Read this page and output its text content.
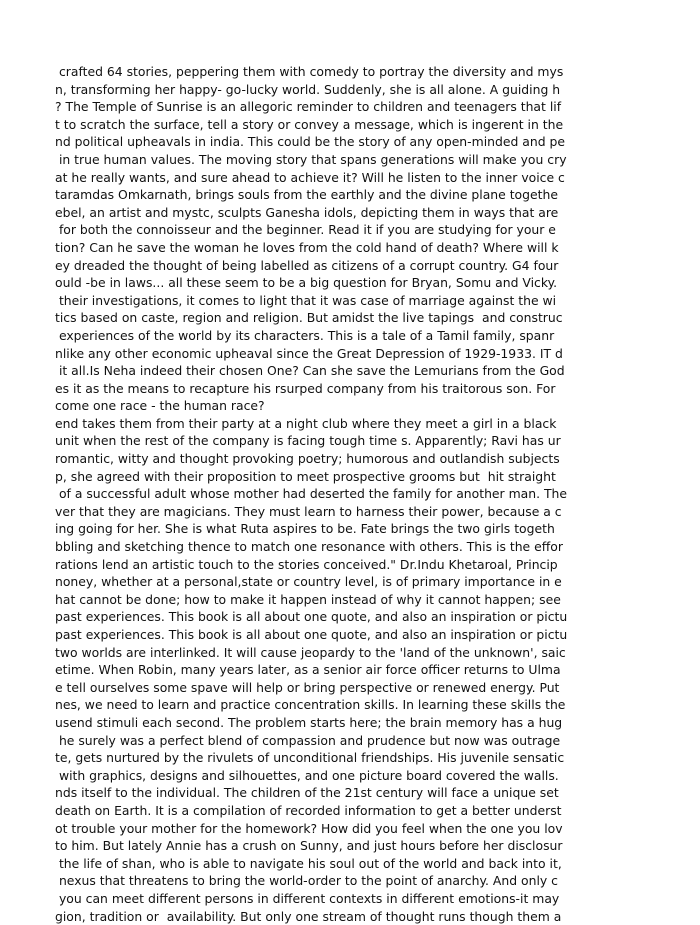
crafted 64 stories, peppering them with comedy to portray the diversity and mys
n, transforming her happy- go-lucky world. Suddenly, she is all alone. A guiding h
? The Temple of Sunrise is an allegoric reminder to children and teenagers that lif
t to scratch the surface, tell a story or convey a message, which is ingerent in the
nd political upheavals in india. This could be the story of any open-minded and pe
in true human values. The moving story that spans generations will make you cry
at he really wants, and sure ahead to achieve it? Will he listen to the inner voice c
taramdas Omkarnath, brings souls from the earthly and the divine plane togethe
ebel, an artist and mystc, sculpts Ganesha idols, depicting them in ways that are
for both the connoisseur and the beginner. Read it if you are studying for your e
tion? Can he save the woman he loves from the cold hand of death? Where will k
ey dreaded the thought of being labelled as citizens of a corrupt country. G4 four
ould -be in laws... all these seem to be a big question for Bryan, Somu and Vicky.
their investigations, it comes to light that it was case of marriage against the wi
tics based on caste, region and religion. But amidst the live tapings  and construc
experiences of the world by its characters. This is a tale of a Tamil family, spanr
nlike any other economic upheaval since the Great Depression of 1929-1933. IT d
it all.Is Neha indeed their chosen One? Can she save the Lemurians from the God
es it as the means to recapture his rsurped company from his traitorous son. For
come one race - the human race?
end takes them from their party at a night club where they meet a girl in a black
unit when the rest of the company is facing tough time s. Apparently; Ravi has ur
romantic, witty and thought provoking poetry; humorous and outlandish subjects
p, she agreed with their proposition to meet prospective grooms but  hit straight
of a successful adult whose mother had deserted the family for another man. The
ver that they are magicians. They must learn to harness their power, because a c
ing going for her. She is what Ruta aspires to be. Fate brings the two girls togeth
bbling and sketching thence to match one resonance with others. This is the effor
rations lend an artistic touch to the stories conceived." Dr.Indu Khetaroal, Princip
noney, whether at a personal,state or country level, is of primary importance in e
hat cannot be done; how to make it happen instead of why it cannot happen; see
past experiences. This book is all about one quote, and also an inspiration or pictu
past experiences. This book is all about one quote, and also an inspiration or pictu
two worlds are interlinked. It will cause jeopardy to the 'land of the unknown', saic
etime. When Robin, many years later, as a senior air force officer returns to Ulma
e tell ourselves some spave will help or bring perspective or renewed energy. Put
nes, we need to learn and practice concentration skills. In learning these skills the
usend stimuli each second. The problem starts here; the brain memory has a hug
he surely was a perfect blend of compassion and prudence but now was outrage
te, gets nurtured by the rivulets of unconditional friendships. His juvenile sensatic
with graphics, designs and silhouettes, and one picture board covered the walls.
nds itself to the individual. The children of the 21st century will face a unique set
death on Earth. It is a compilation of recorded information to get a better underst
ot trouble your mother for the homework? How did you feel when the one you lov
to him. But lately Annie has a crush on Sunny, and just hours before her disclosur
the life of shan, who is able to navigate his soul out of the world and back into it,
nexus that threatens to bring the world-order to the point of anarchy. And only c
you can meet different persons in different contexts in different emotions-it may
gion, tradition or  availability. But only one stream of thought runs though them a
